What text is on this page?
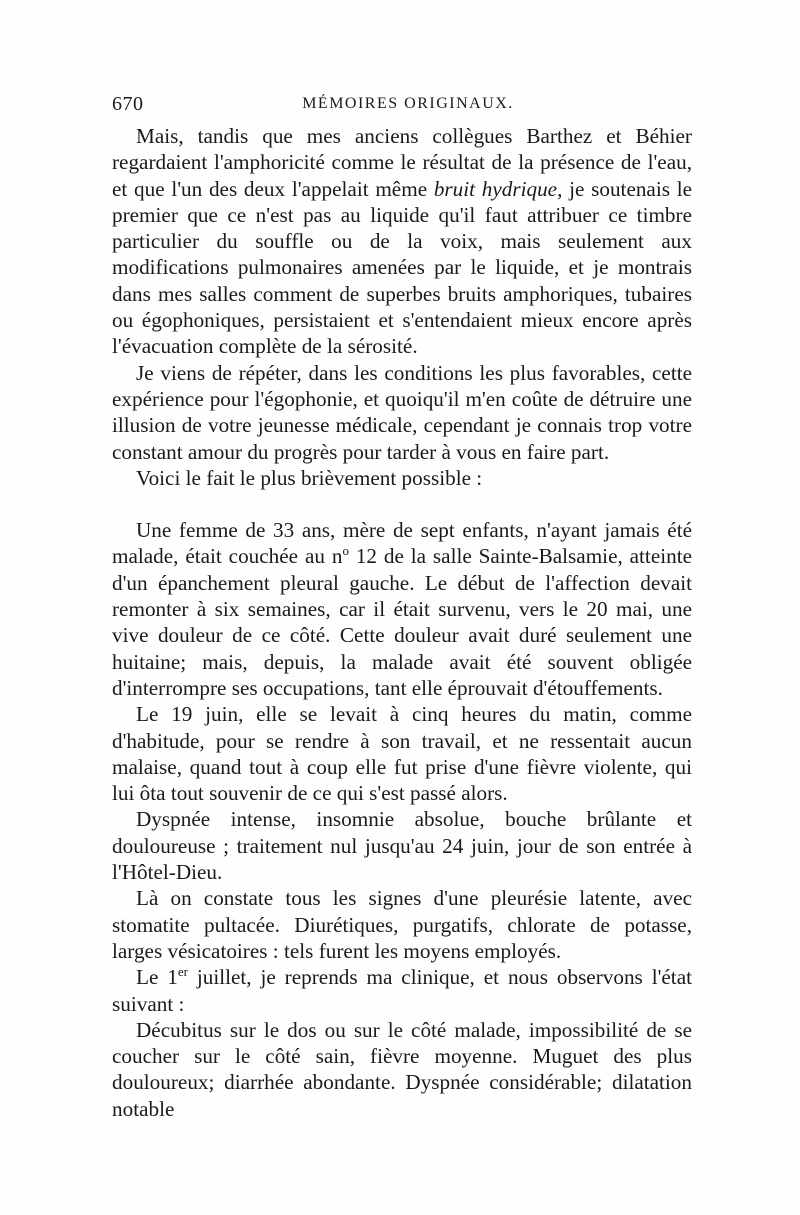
670	MÉMOIRES ORIGINAUX.

Mais, tandis que mes anciens collègues Barthez et Béhier regardaient l'amphoricité comme le résultat de la présence de l'eau, et que l'un des deux l'appelait même bruit hydrique, je soutenais le premier que ce n'est pas au liquide qu'il faut attribuer ce timbre particulier du souffle ou de la voix, mais seulement aux modifications pulmonaires amenées par le liquide, et je montrais dans mes salles comment de superbes bruits amphoriques, tubaires ou égophoniques, persistaient et s'entendaient mieux encore après l'évacuation complète de la sérosité.

Je viens de répéter, dans les conditions les plus favorables, cette expérience pour l'égophonie, et quoiqu'il m'en coûte de détruire une illusion de votre jeunesse médicale, cependant je connais trop votre constant amour du progrès pour tarder à vous en faire part.

Voici le fait le plus brièvement possible :

Une femme de 33 ans, mère de sept enfants, n'ayant jamais été malade, était couchée au $n^o$ 12 de la salle Sainte-Balsamie, atteinte d'un épanchement pleural gauche. Le début de l'affection devait remonter à six semaines, car il était survenu, vers le 20 mai, une vive douleur de ce côté. Cette douleur avait duré seulement une huitaine; mais, depuis, la malade avait été souvent obligée d'interrompre ses occupations, tant elle éprouvait d'étouffements.

Le 19 juin, elle se levait à cinq heures du matin, comme d'habitude, pour se rendre à son travail, et ne ressentait aucun malaise, quand tout à coup elle fut prise d'une fièvre violente, qui lui ôta tout souvenir de ce qui s'est passé alors.

Dyspnée intense, insomnie absolue, bouche brûlante et douloureuse ; traitement nul jusqu'au 24 juin, jour de son entrée à l'Hôtel-Dieu.

Là on constate tous les signes d'une pleurésie latente, avec stomatite pultacée. Diurétiques, purgatifs, chlorate de potasse, larges vésicatoires : tels furent les moyens employés.

Le 1er juillet, je reprends ma clinique, et nous observons l'état suivant :

Décubitus sur le dos ou sur le côté malade, impossibilité de se coucher sur le côté sain, fièvre moyenne. Muguet des plus douloureux; diarrhée abondante. Dyspnée considérable; dilatation notable
